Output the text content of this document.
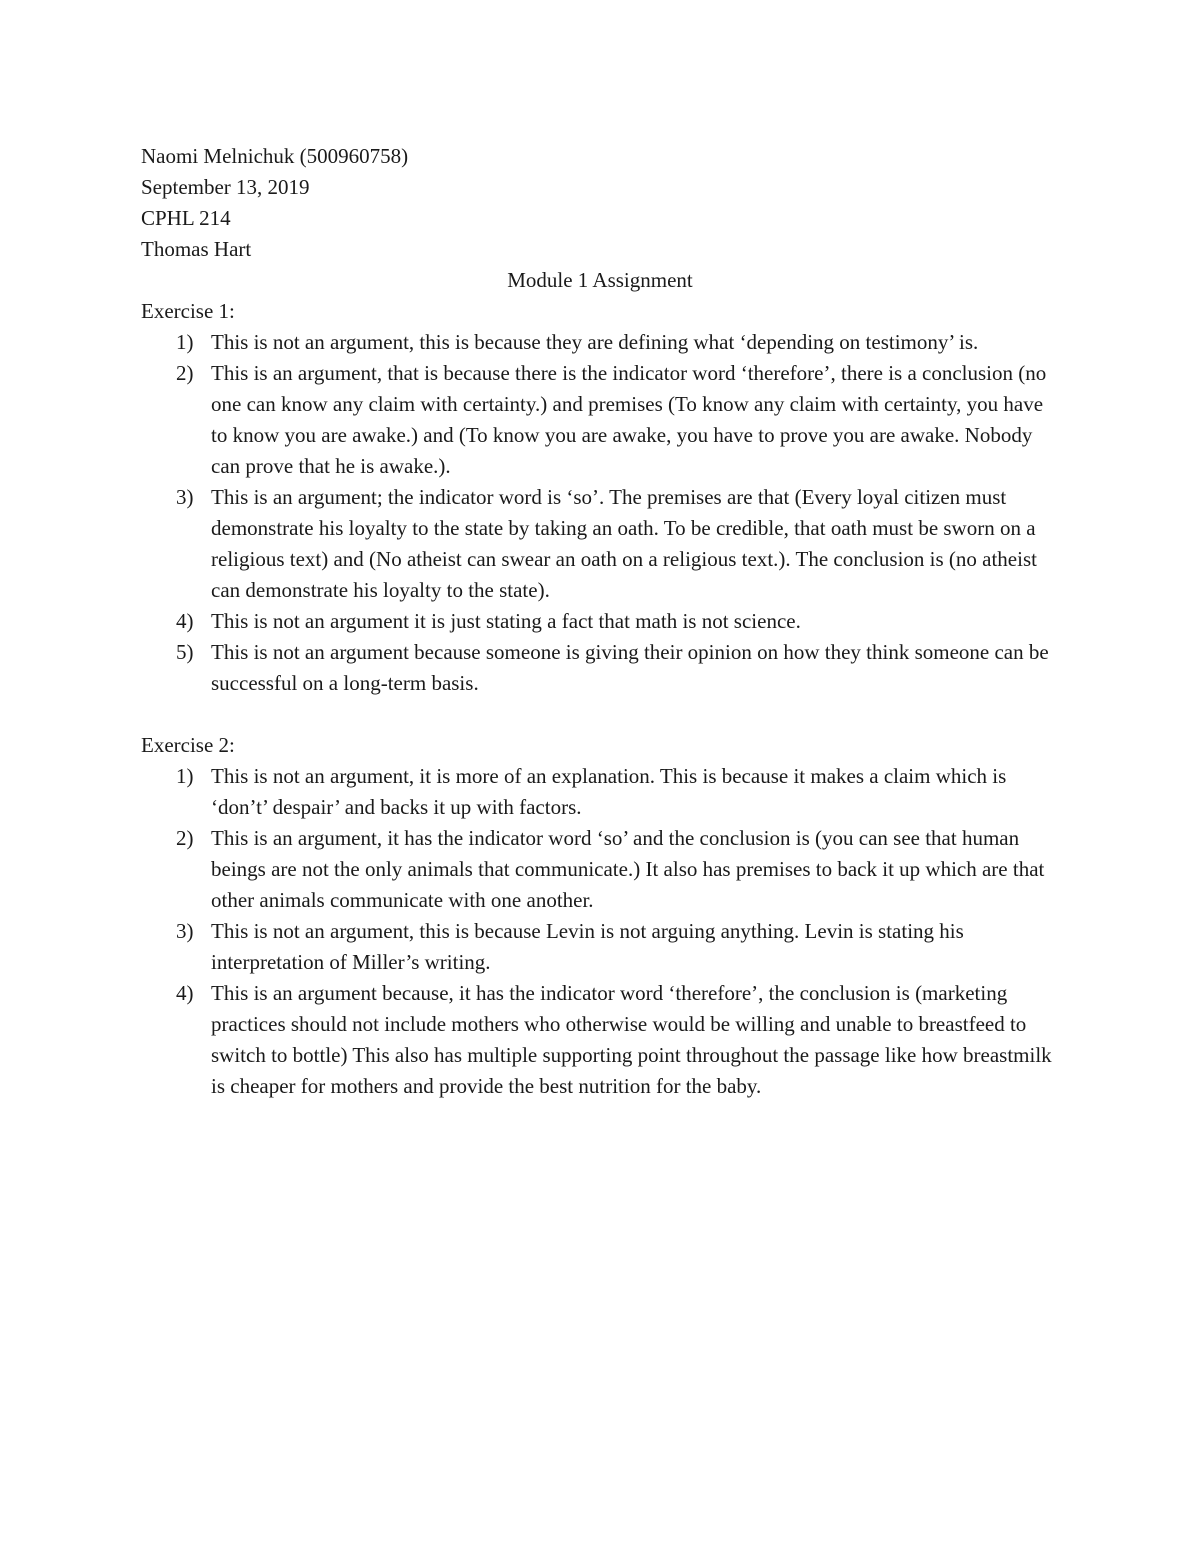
Naomi Melnichuk (500960758)

September 13, 2019

CPHL 214

Thomas Hart

Module 1 Assignment

Exercise 1:

1) This is not an argument, this is because they are defining what ‘depending on testimony’ is.
2) This is an argument, that is because there is the indicator word ‘therefore’, there is a conclusion (no one can know any claim with certainty.) and premises (To know any claim with certainty, you have to know you are awake.) and (To know you are awake, you have to prove you are awake. Nobody can prove that he is awake.).
3) This is an argument; the indicator word is ‘so’. The premises are that (Every loyal citizen must demonstrate his loyalty to the state by taking an oath. To be credible, that oath must be sworn on a religious text) and (No atheist can swear an oath on a religious text.). The conclusion is (no atheist can demonstrate his loyalty to the state).
4) This is not an argument it is just stating a fact that math is not science.
5) This is not an argument because someone is giving their opinion on how they think someone can be successful on a long-term basis.

Exercise 2:

1) This is not an argument, it is more of an explanation. This is because it makes a claim which is ‘don’t’ despair’ and backs it up with factors.
2) This is an argument, it has the indicator word ‘so’ and the conclusion is (you can see that human beings are not the only animals that communicate.) It also has premises to back it up which are that other animals communicate with one another.
3) This is not an argument, this is because Levin is not arguing anything. Levin is stating his interpretation of Miller’s writing.
4) This is an argument because, it has the indicator word ‘therefore’, the conclusion is (marketing practices should not include mothers who otherwise would be willing and unable to breastfeed to switch to bottle) This also has multiple supporting point throughout the passage like how breastmilk is cheaper for mothers and provide the best nutrition for the baby.
